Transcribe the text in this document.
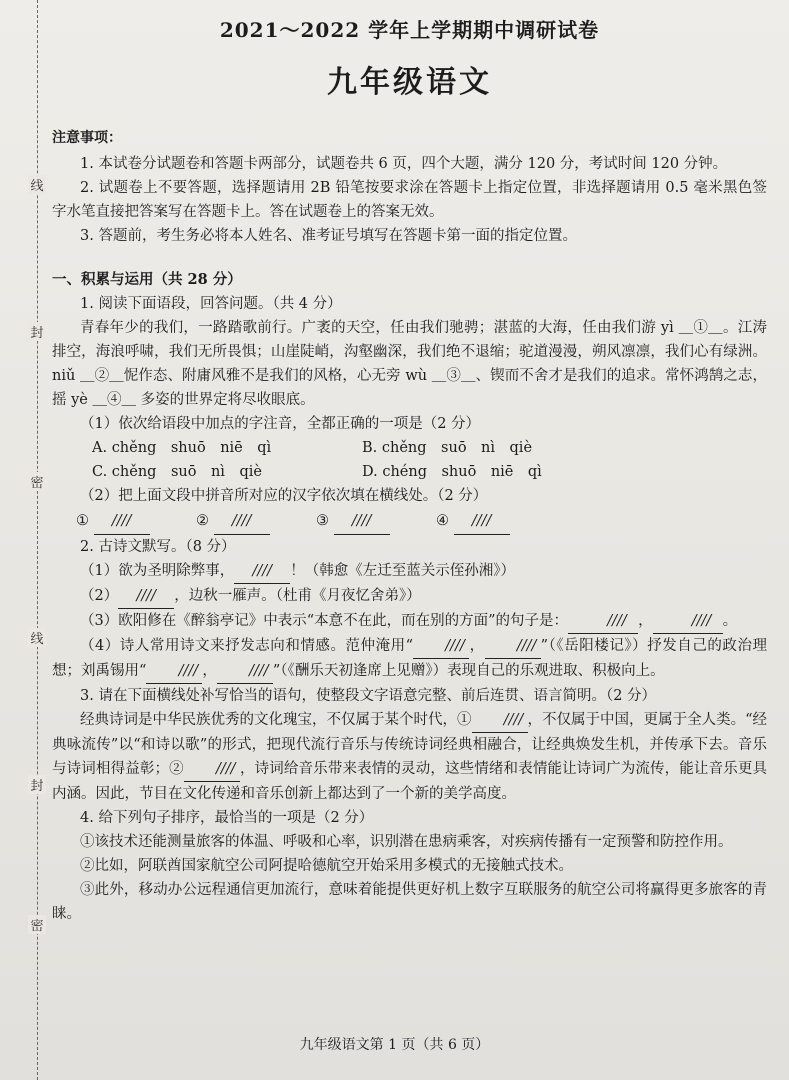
线
封
密
线
封
密
2021～2022 学年上学期期中调研试卷
九年级语文
注意事项：

1. 本试卷分试题卷和答题卡两部分，试题卷共 6 页，四个大题，满分 120 分，考试时间 120 分钟。

2. 试题卷上不要答题，选择题请用 2B 铅笔按要求涂在答题卡上指定位置，非选择题请用 0.5 毫米黑色签字水笔直接把答案写在答题卡上。答在试题卷上的答案无效。

3. 答题前，考生务必将本人姓名、准考证号填写在答题卡第一面的指定位置。

一、积累与运用（共 28 分）

1. 阅读下面语段，回答问题。（共 4 分）

青春年少的我们，一路踏歌前行。广袤的天空，任由我们驰骋；湛蓝的大海，任由我们游 yì ＿①＿。江涛排空，海浪呼啸，我们无所畏惧；山崖陡峭，沟壑幽深，我们绝不退缩；驼道漫漫，朔风凛凛，我们心有绿洲。niǔ ＿②＿怩作态、附庸风雅不是我们的风格，心无旁 wù ＿③＿、锲而不舍才是我们的追求。常怀鸿鹄之志，摇 yè ＿④＿ 多姿的世界定将尽收眼底。

（1）依次给语段中加点的字注音，全都正确的一项是（2 分）

A. chěng　shuō　niē　qì	B. chěng　suō　nì　qiè
C. chěng　suō　nì　qiè	D. chéng　shuō　niē　qì

（2）把上面文段中拼音所对应的汉字依次填在横线处。（2 分）

① ////	② ////	③ ////	④ ////

2. 古诗文默写。（8 分）

（1）欲为圣明除弊事， //// ！（韩愈《左迁至蓝关示侄孙湘》）

（2） //// ，边秋一雁声。（杜甫《月夜忆舍弟》）

（3）欧阳修在《醉翁亭记》中表示“本意不在此，而在别的方面”的句子是：	//// ，	//// 。

（4）诗人常用诗文来抒发志向和情感。范仲淹用“ //// ， //// ”（《岳阳楼记》）抒发自己的政治理想；刘禹锡用“ //// ， //// ”（《酬乐天初逢席上见赠》）表现自己的乐观进取、积极向上。

3. 请在下面横线处补写恰当的语句，使整段文字语意完整、前后连贯、语言简明。（2 分）

经典诗词是中华民族优秀的文化瑰宝，不仅属于某个时代，① //// ，不仅属于中国，更属于全人类。“经典咏流传”以“和诗以歌”的形式，把现代流行音乐与传统诗词经典相融合，让经典焕发生机，并传承下去。音乐与诗词相得益彰；② //// ，诗词给音乐带来表情的灵动，这些情绪和表情能让诗词广为流传，能让音乐更具内涵。因此，节目在文化传递和音乐创新上都达到了一个新的美学高度。

4. 给下列句子排序，最恰当的一项是（2 分）

①该技术还能测量旅客的体温、呼吸和心率，识别潜在患病乘客，对疾病传播有一定预警和防控作用。

②比如，阿联酋国家航空公司阿提哈德航空开始采用多模式的无接触式技术。

③此外，移动办公远程通信更加流行，意味着能提供更好机上数字互联服务的航空公司将赢得更多旅客的青睐。

九年级语文第 1 页（共 6 页）
